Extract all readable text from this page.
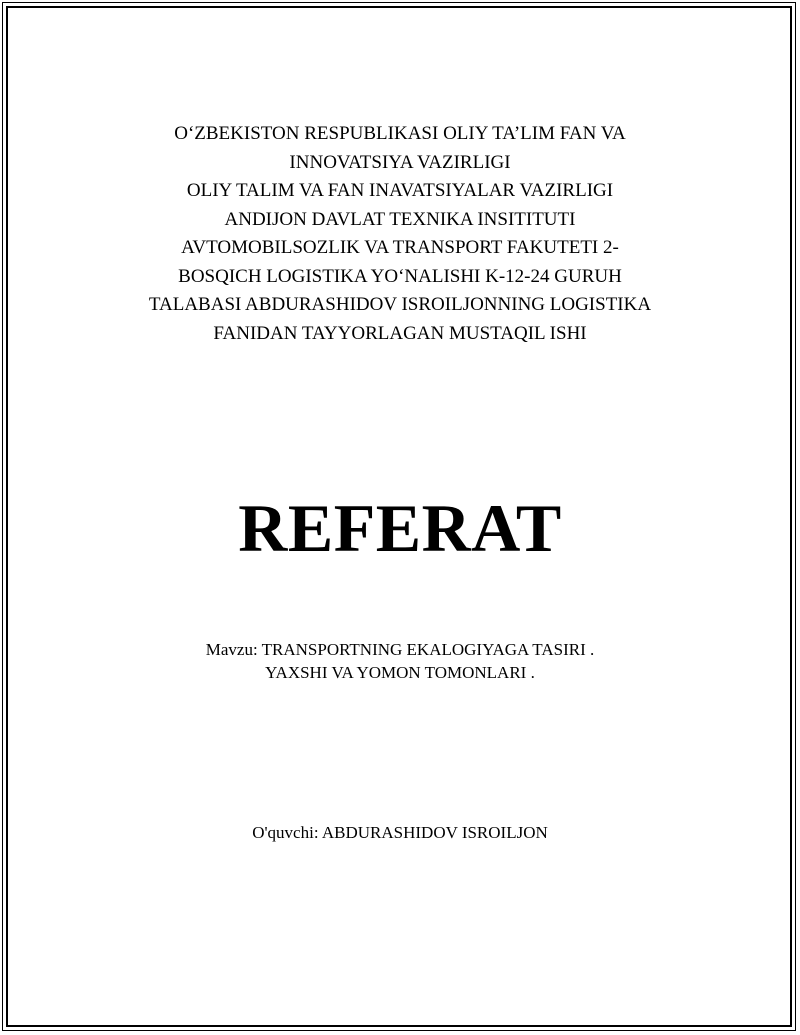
O‘ZBEKISTON RESPUBLIKASI OLIY TA’LIM FAN VA
INNOVATSIYA VAZIRLIGI
OLIY TALIM VA FAN INAVATSIYALAR VAZIRLIGI
ANDIJON DAVLAT TEXNIKA INSITITUTI
AVTOMOBILSOZLIK VA TRANSPORT FAKUTETI 2-
BOSQICH LOGISTIKA YO‘NALISHI K-12-24 GURUH
TALABASI ABDURASHIDOV ISROILJONNING LOGISTIKA
FANIDAN TAYYORLAGAN MUSTAQIL ISHI
REFERAT
Mavzu: TRANSPORTNING EKALOGIYAGA TASIRI .
YAXSHI VA YOMON TOMONLARI .
O'quvchi: ABDURASHIDOV ISROILJON
